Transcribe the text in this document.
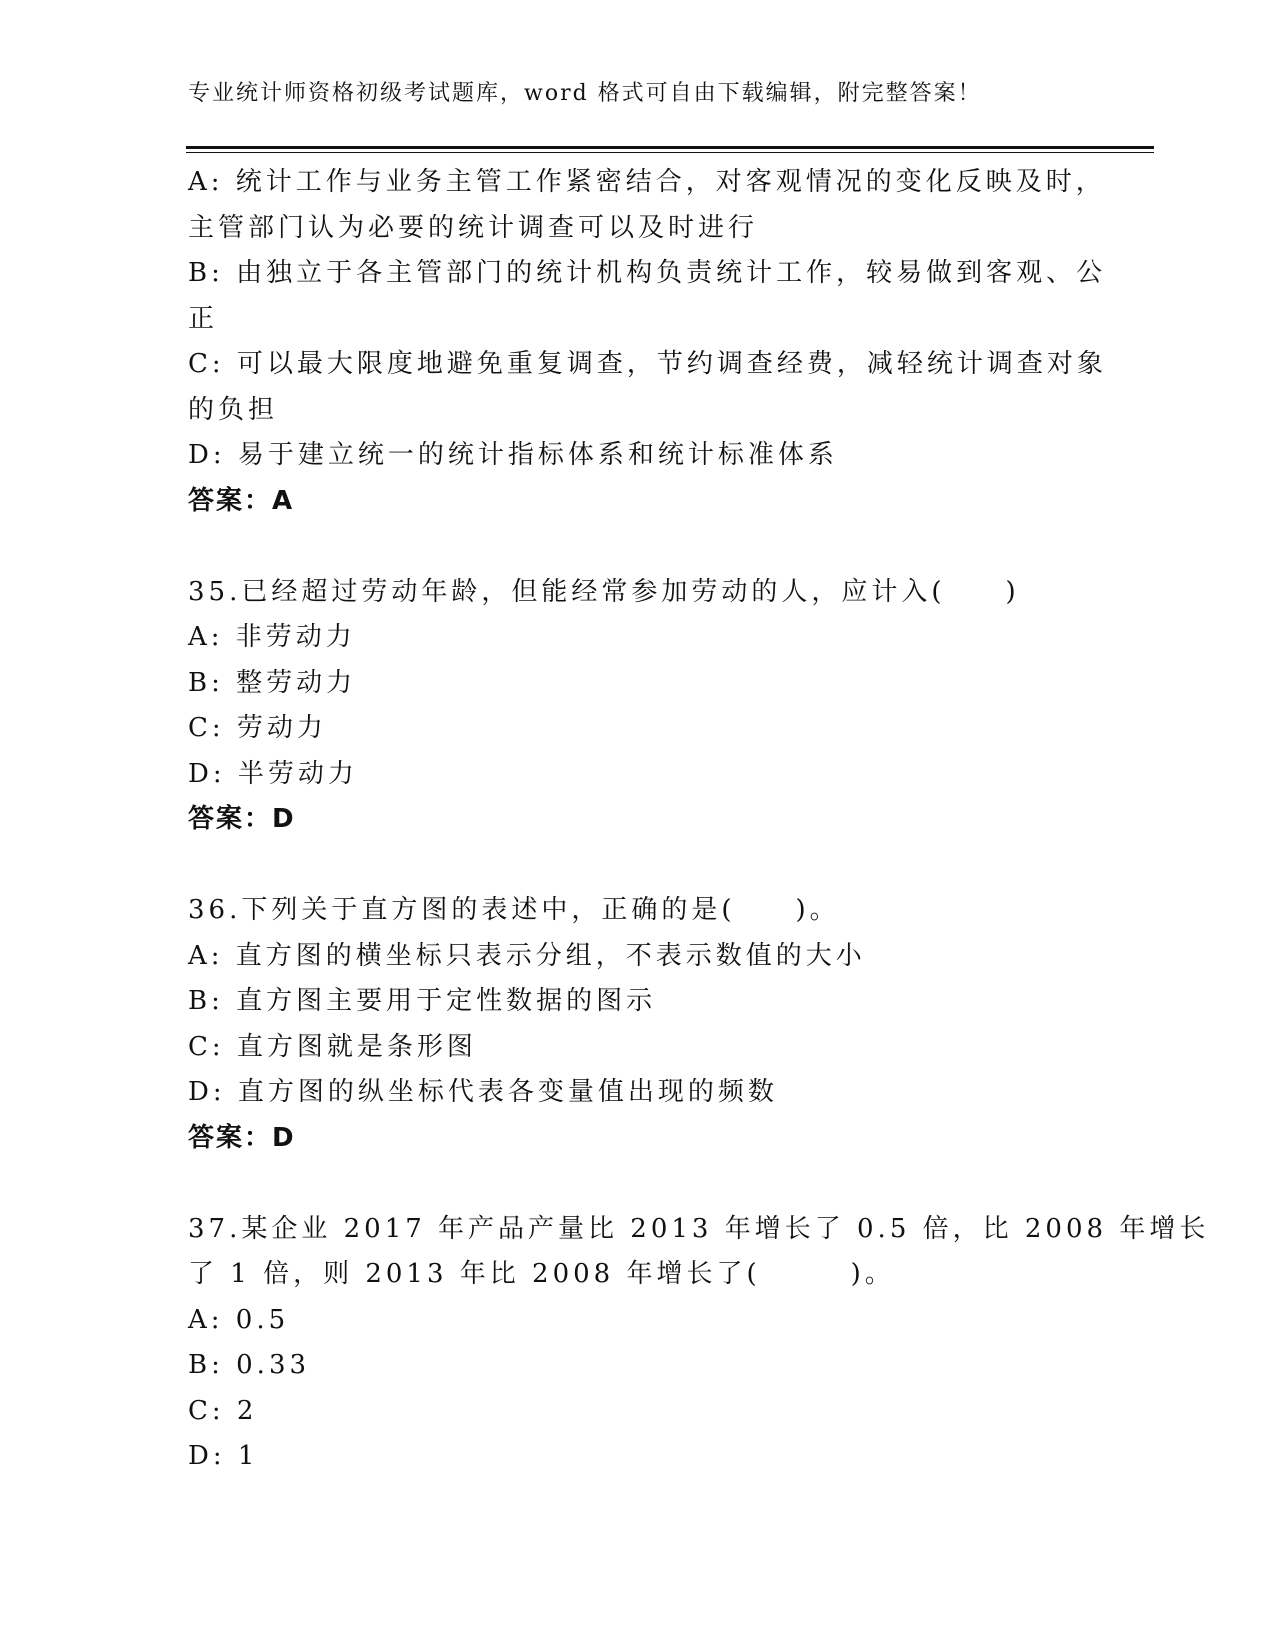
专业统计师资格初级考试题库，word 格式可自由下载编辑，附完整答案！
A: 统计工作与业务主管工作紧密结合，对客观情况的变化反映及时，
主管部门认为必要的统计调查可以及时进行
B: 由独立于各主管部门的统计机构负责统计工作，较易做到客观、公
正
C: 可以最大限度地避免重复调查，节约调查经费，减轻统计调查对象
的负担
D: 易于建立统一的统计指标体系和统计标准体系
答案：A
35.已经超过劳动年龄，但能经常参加劳动的人，应计入(　　)
A: 非劳动力
B: 整劳动力
C: 劳动力
D: 半劳动力
答案：D
36.下列关于直方图的表述中，正确的是(　　)。
A: 直方图的横坐标只表示分组，不表示数值的大小
B: 直方图主要用于定性数据的图示
C: 直方图就是条形图
D: 直方图的纵坐标代表各变量值出现的频数
答案：D
37.某企业 2017 年产品产量比 2013 年增长了 0.5 倍，比 2008 年增长
了 1 倍，则 2013 年比 2008 年增长了(　　　)。
A: 0.5
B: 0.33
C: 2
D: 1
